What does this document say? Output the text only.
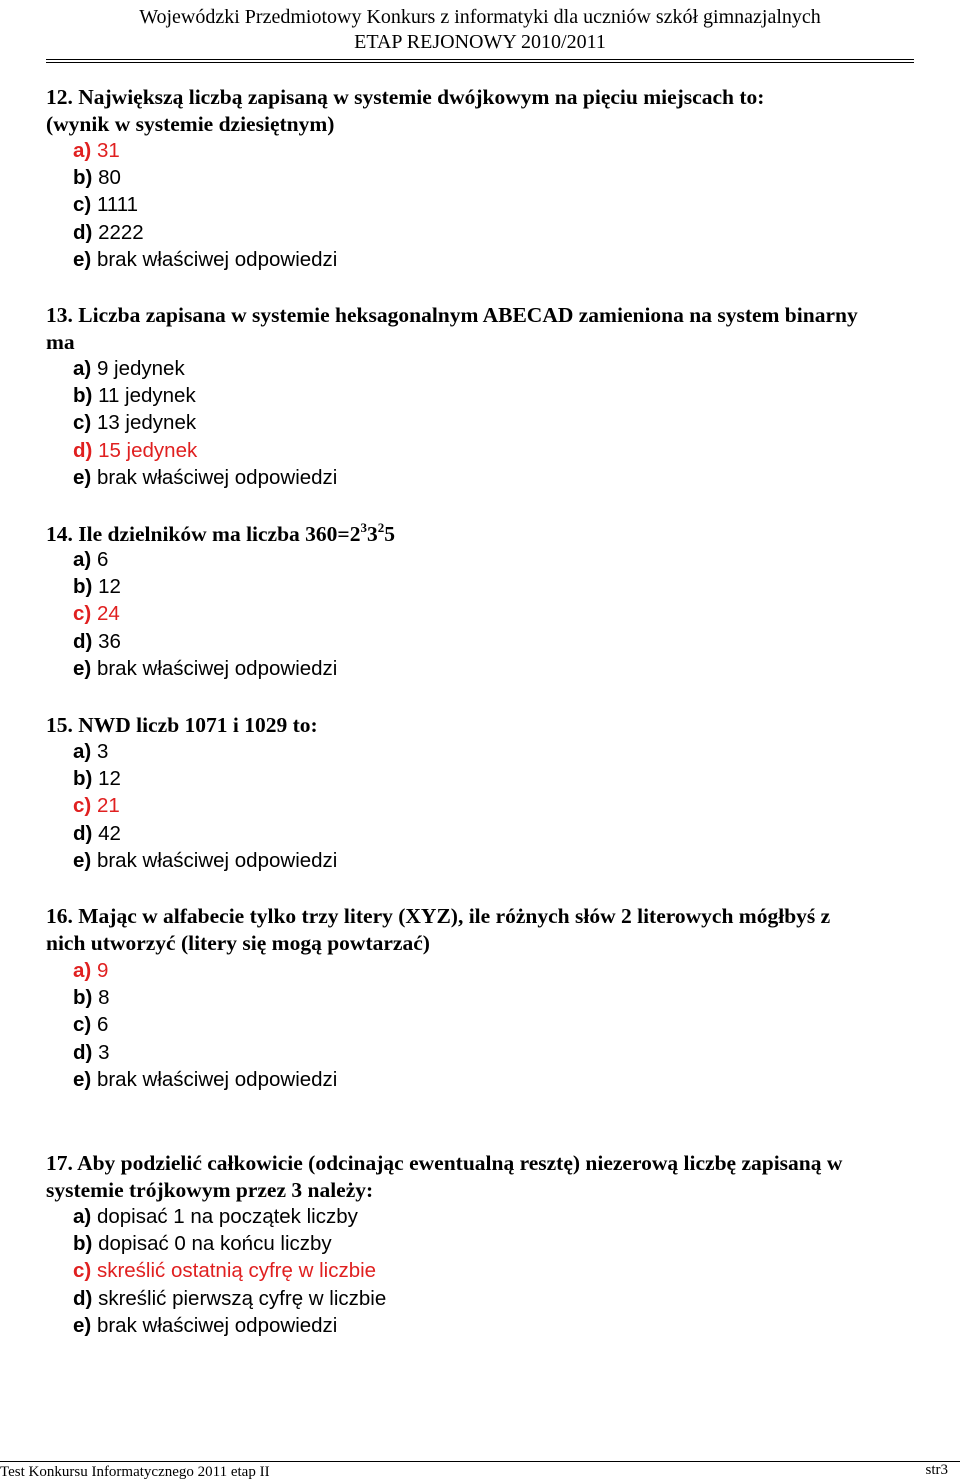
Wojewódzki Przedmiotowy Konkurs z informatyki dla uczniów szkół gimnazjalnych
ETAP REJONOWY 2010/2011
12. Największą liczbą zapisaną w systemie dwójkowym na pięciu miejscach to:
(wynik w systemie dziesiętnym)
a) 31
b) 80
c) 1111
d) 2222
e) brak właściwej odpowiedzi
13. Liczba zapisana w systemie heksagonalnym ABECAD zamieniona na system binarny
ma
a) 9 jedynek
b) 11 jedynek
c) 13 jedynek
d) 15 jedynek
e) brak właściwej odpowiedzi
14. Ile dzielników ma liczba $360=2^33^25$
a) 6
b) 12
c) 24
d) 36
e) brak właściwej odpowiedzi
15. NWD liczb 1071 i 1029 to:
a) 3
b) 12
c) 21
d) 42
e) brak właściwej odpowiedzi
16. Mając w alfabecie tylko trzy litery (XYZ), ile różnych słów 2 literowych mógłbyś z
nich utworzyć (litery się mogą powtarzać)
a) 9
b) 8
c) 6
d) 3
e) brak właściwej odpowiedzi
17. Aby podzielić całkowicie (odcinając ewentualną resztę) niezerową liczbę zapisaną w
systemie trójkowym przez 3 należy:
a) dopisać 1 na początek liczby
b) dopisać 0 na końcu liczby
c) skreślić ostatnią cyfrę w liczbie
d) skreślić pierwszą cyfrę w liczbie
e) brak właściwej odpowiedzi
Test Konkursu Informatycznego 2011 etap II	str3
